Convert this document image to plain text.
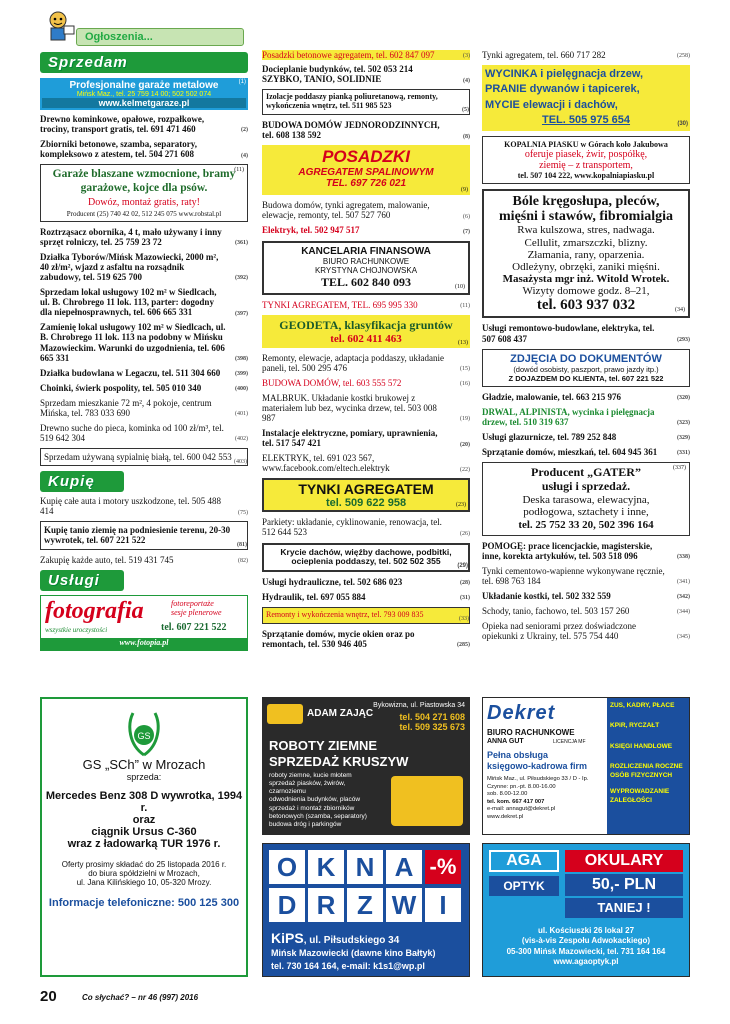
Ogłoszenia...
Sprzedam
Profesjonalne garaże metalowe
Mińsk Maz., tel. 25 759 14 00; 502 502 074
www.kelmetgaraze.pl
(1)
Drewno kominkowe, opałowe, rozpałkowe, trociny, transport gratis, tel. 691 471 460	(2)
Zbiorniki betonowe, szamba, separatory, kompleksowo z atestem, tel. 504 271 608	(4)
Garaże blaszane wzmocnione, bramy garażowe, kojce dla psów.
(11)
Dowóz, montaż gratis, raty!
Producent (25) 740 42 02, 512 245 075 www.robstal.pl
Roztrząsacz obornika, 4 t, mało używany i inny sprzęt rolniczy, tel. 25 759 23 72	(361)
Działka Tyborów/Mińsk Mazowiecki, 2000 m², 40 zł/m², wjazd z asfaltu na rozsądnik zabudowy, tel. 519 625 700	(392)
Sprzedam lokal usługowy 102 m² w Siedlcach, ul. B. Chrobrego 11 lok. 113, parter: dogodny dla niepełnosprawnych, tel. 606 665 331	(397)
Zamienię lokal usługowy 102 m² w Siedlcach, ul. B. Chrobrego 11 lok. 113 na podobny w Mińsku Mazowieckim. Warunki do uzgodnienia, tel. 606 665 331	(398)
Działka budowlana w Legaczu, tel. 511 304 660 (399)
Choinki, świerk pospolity, tel. 505 010 340	(400)
Sprzedam mieszkanie 72 m², 4 pokoje, centrum Mińska, tel. 783 033 690	(401)
Drewno suche do pieca, kominka od 100 zł/m³, tel. 519 642 304	(402)
Sprzedam używaną sypialnię białą, tel. 600 042 553 (403)
Kupię
Kupię całe auta i motory uszkodzone, tel. 505 488 414	(75)
Kupię tanio ziemię na podniesienie terenu, 20-30 wywrotek, tel. 607 221 522	(81)
Zakupię każde auto, tel. 519 431 745	(82)
Usługi
fotografia
wszystkie uroczystości
fotoreportaże
sesje plenerowe
tel. 607 221 522
www.fotopia.pl
Posadzki betonowe agregatem, tel. 602 847 097	(3)
Docieplanie budynków, tel. 502 053 214 SZYBKO, TANIO, SOLIDNIE	(4)
Izolacje poddaszy pianką poliuretanową, remonty, wykończenia wnętrz, tel. 511 985 523
(5)
BUDOWA DOMÓW JEDNORODZINNYCH, tel. 608 138 592	(8)
POSADZKI
AGREGATEM SPALINOWYM
TEL. 697 726 021
(9)
Budowa domów, tynki agregatem, malowanie, elewacje, remonty, tel. 507 527 760	(6)
Elektryk, tel. 502 947 517	(7)
KANCELARIA FINANSOWA
BIURO RACHUNKOWE
KRYSTYNA CHOJNOWSKA
TEL. 602 840 093	(10)
TYNKI AGREGATEM, TEL. 695 995 330	(11)
GEODETA, klasyfikacja gruntów
tel. 602 411 463	(13)
Remonty, elewacje, adaptacja poddaszy, układanie paneli, tel. 500 295 476	(15)
BUDOWA DOMÓW, tel. 603 555 572	(16)
MALBRUK. Układanie kostki brukowej z materiałem lub bez, wycinka drzew, tel. 503 008 987	(19)
Instalacje elektryczne, pomiary, uprawnienia, tel. 517 547 421	(20)
ELEKTRYK, tel. 691 023 567, www.facebook.com/eltech.elektryk	(22)
TYNKI AGREGATEM
tel. 509 622 958	(23)
Parkiety: układanie, cyklinowanie, renowacja, tel. 512 644 523	(26)
Krycie dachów, więźby dachowe, podbitki, ocieplenia poddaszy, tel. 502 502 355	(29)
Usługi hydrauliczne, tel. 502 686 023	(28)
Hydraulik, tel. 697 055 884	(31)
Remonty i wykończenia wnętrz, tel. 793 009 835
(33)
Sprzątanie domów, mycie okien oraz po remontach, tel. 530 946 405	(285)
Tynki agregatem, tel. 660 717 282	(258)
WYCINKA i pielęgnacja drzew,
PRANIE dywanów i tapicerek,
MYCIE elewacji i dachów,
TEL. 505 975 654	(30)
KOPALNIA PIASKU w Górach koło Jakubowa
oferuje piasek, żwir, pospółkę,
ziemię – z transportem,
tel. 507 104 222, www.kopalniapiasku.pl
Bóle kręgosłupa, pleców,
mięśni i stawów, fibromialgia
Rwa kulszowa, stres, nadwaga.
Cellulit, zmarszczki, blizny.
Złamania, rany, oparzenia.
Odleżyny, obrzęki, zaniki mięśni.
Masażysta mgr inż. Witold Wrotek.
Wizyty domowe godz. 8–21,
tel. 603 937 032	(34)
Usługi remontowo-budowlane, elektryka, tel. 507 608 437	(293)
ZDJĘCIA DO DOKUMENTÓW
(dowód osobisty, paszport, prawo jazdy itp.)
Z DOJAZDEM DO KLIENTA, tel. 607 221 522
Gładzie, malowanie, tel. 663 215 976	(320)
DRWAL, ALPINISTA, wycinka i pielęgnacja drzew, tel. 510 319 637	(323)
Usługi glazurnicze, tel. 789 252 848	(329)
Sprzątanie domów, mieszkań, tel. 604 945 361	(331)
Producent „GATER”
usługi i sprzedaż.
Deska tarasowa, elewacyjna,
podłogowa, sztachety i inne,
tel. 25 752 33 20, 502 396 164
(337)
POMOGĘ: prace licencjackie, magisterskie, inne, korekta artykułów, tel. 503 518 096	(338)
Tynki cementowo-wapienne wykonywane ręcznie, tel. 698 763 184	(341)
Układanie kostki, tel. 502 332 559	(342)
Schody, tanio, fachowo, tel. 503 157 260	(344)
Opieka nad seniorami przez doświadczone opiekunki z Ukrainy, tel. 575 754 440	(345)
GS
GS „SCh” w Mrozach
sprzeda:
Mercedes Benz 308 D wywrotka, 1994 r.
oraz
ciągnik Ursus C-360
wraz z ładowarką TUR 1976 r.
Oferty prosimy składać do 25 listopada 2016 r.
do biura spółdzielni w Mrozach,
ul. Jana Kilińskiego 10, 05-320 Mrozy.
Informacje telefoniczne: 500 125 300
ADAM ZAJĄC
Bykowizna, ul. Piastowska 34
tel. 504 271 608
tel. 509 325 673
ROBOTY ZIEMNE
SPRZEDAŻ KRUSZYW
roboty ziemne, kucie młotem
sprzedaż piasków, żwirów, czarnoziemu
odwodnienia budynków, placów
sprzedaż i montaż zbiorników betonowych (szamba, separatory)
budowa dróg i parkingów
Dekret
BIURO RACHUNKOWE
ANNA GUT	LICENCJA MF
Pełna obsługa
księgowo-kadrowa firm
Mińsk Maz., ul. Piłsudskiego 33 / D - Ip.
Czynne: pn.-pt. 8.00-16.00
sob. 8.00-12.00
tel. kom. 667 417 007
e-mail: annagut@dekret.pl
www.dekret.pl
ZUS, KADRY, PŁACE
KPiR, RYCZAŁT
KSIĘGI HANDLOWE
ROZLICZENIA ROCZNE OSÓB FIZYCZNYCH
WYPROWADZANIE ZALEGŁOŚCI
O K N A -%
D R Z W I
KiPS, ul. Piłsudskiego 34
Mińsk Mazowiecki (dawne kino Bałtyk)
tel. 730 164 164, e-mail: k1s1@wp.pl
AGA
OPTYK
OKULARY
50,- PLN
TANIEJ !
ul. Kościuszki 26 lokal 27
(vis-à-vis Zespołu Adwokackiego)
05-300 Mińsk Mazowiecki, tel. 731 164 164
www.agaoptyk.pl
20	Co słychać? – nr 46 (997) 2016
